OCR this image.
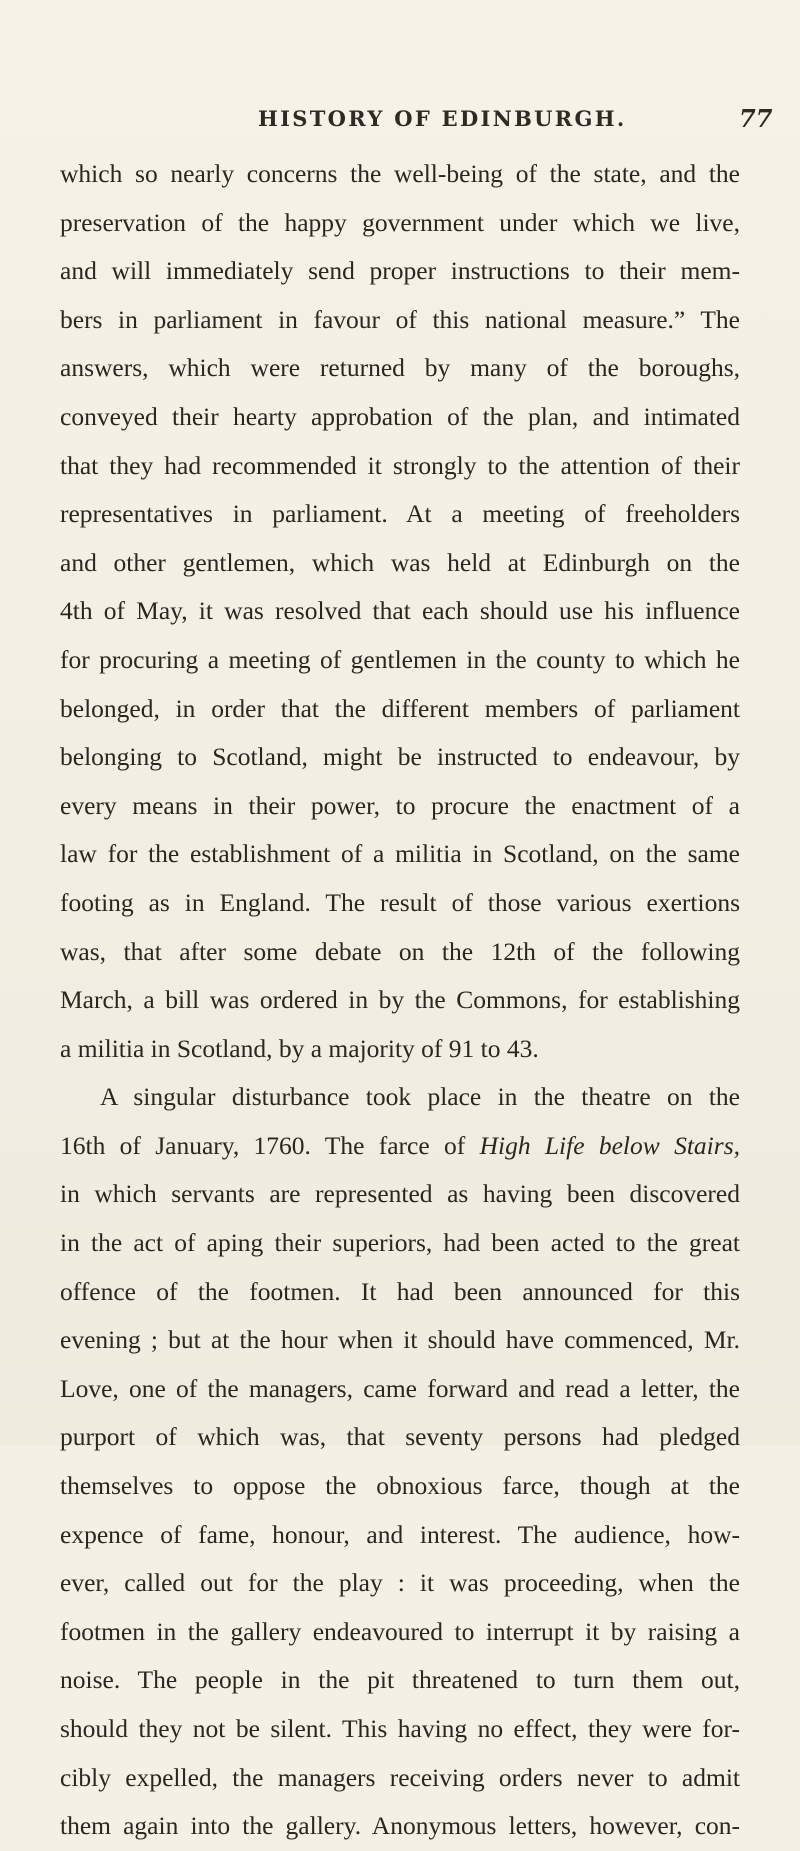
HISTORY OF EDINBURGH.	77
which so nearly concerns the well-being of the state, and the
preservation of the happy government under which we live,
and will immediately send proper instructions to their mem-
bers in parliament in favour of this national measure.” The
answers, which were returned by many of the boroughs,
conveyed their hearty approbation of the plan, and intimated
that they had recommended it strongly to the attention of their
representatives in parliament. At a meeting of freeholders
and other gentlemen, which was held at Edinburgh on the
4th of May, it was resolved that each should use his influence
for procuring a meeting of gentlemen in the county to which he
belonged, in order that the different members of parliament
belonging to Scotland, might be instructed to endeavour, by
every means in their power, to procure the enactment of a
law for the establishment of a militia in Scotland, on the same
footing as in England. The result of those various exertions
was, that after some debate on the 12th of the following
March, a bill was ordered in by the Commons, for establishing
a militia in Scotland, by a majority of 91 to 43.
A singular disturbance took place in the theatre on the
16th of January, 1760. The farce of High Life below Stairs,
in which servants are represented as having been discovered
in the act of aping their superiors, had been acted to the great
offence of the footmen. It had been announced for this
evening ; but at the hour when it should have commenced, Mr.
Love, one of the managers, came forward and read a letter, the
purport of which was, that seventy persons had pledged
themselves to oppose the obnoxious farce, though at the
expence of fame, honour, and interest. The audience, how-
ever, called out for the play : it was proceeding, when the
footmen in the gallery endeavoured to interrupt it by raising a
noise. The people in the pit threatened to turn them out,
should they not be silent. This having no effect, they were for-
cibly expelled, the managers receiving orders never to admit
them again into the gallery. Anonymous letters, however, con-
